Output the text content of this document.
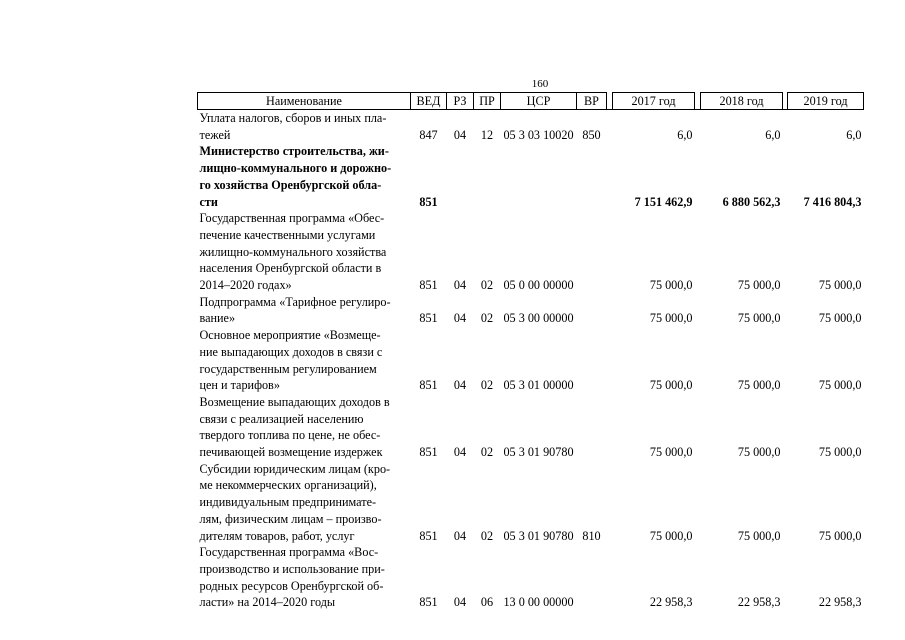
160
Наименование	ВЕД	РЗ	ПР	ЦСР	ВР		2017 год		2018 год		2019 год

Уплата налогов, сборов и иных пла-
тежей	847	04	12	05 3 03 10020	850		6,0		6,0		6,0

Министерство строительства, жи-
лищно-коммунального и дорожно-
го хозяйства Оренбургской обла-
сти	851						7 151 462,9		6 880 562,3		7 416 804,3

Государственная программа «Обес-
печение качественными услугами
жилищно-коммунального хозяйства
населения Оренбургской области в
2014–2020 годах»	851	04	02	05 0 00 00000			75 000,0		75 000,0		75 000,0

Подпрограмма «Тарифное регулиро-
вание»	851	04	02	05 3 00 00000			75 000,0		75 000,0		75 000,0

Основное мероприятие «Возмеще-
ние выпадающих доходов в связи с
государственным регулированием
цен и тарифов»	851	04	02	05 3 01 00000			75 000,0		75 000,0		75 000,0

Возмещение выпадающих доходов в
связи с реализацией населению
твердого топлива по цене, не обес-
печивающей возмещение издержек	851	04	02	05 3 01 90780			75 000,0		75 000,0		75 000,0

Субсидии юридическим лицам (кро-
ме некоммерческих организаций),
индивидуальным предпринимате-
лям, физическим лицам – произво-
дителям товаров, работ, услуг	851	04	02	05 3 01 90780	810		75 000,0		75 000,0		75 000,0

Государственная программа «Вос-
производство и использование при-
родных ресурсов Оренбургской об-
ласти» на 2014–2020 годы	851	04	06	13 0 00 00000			22 958,3		22 958,3		22 958,3
